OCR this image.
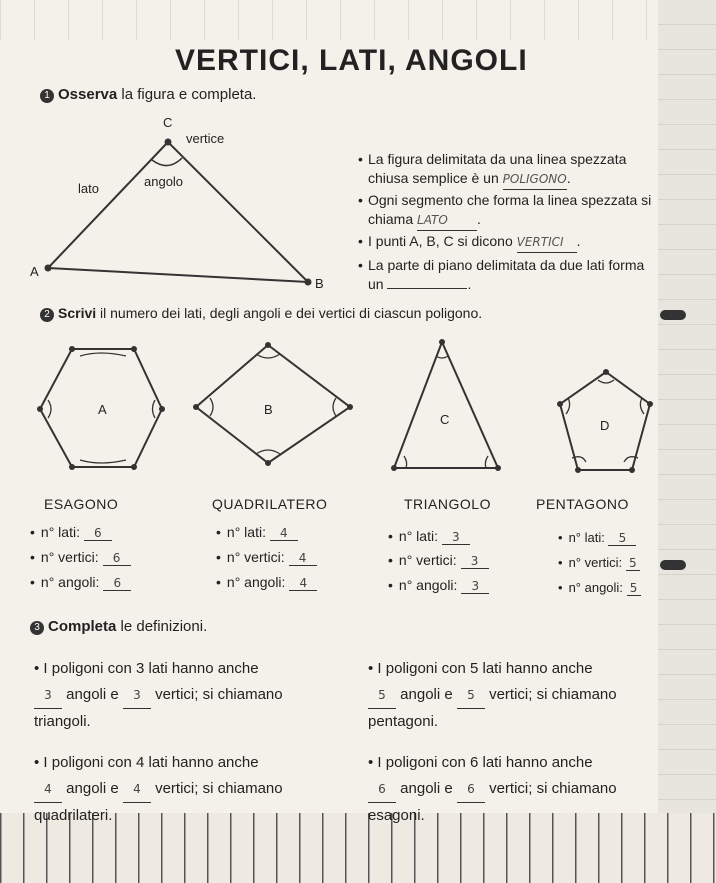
VERTICI, LATI, ANGOLI
1 Osserva la figura e completa.
C
vertice
angolo
lato
A
B
• La figura delimitata da una linea spezzata chiusa semplice è un POLIGONO.
• Ogni segmento che forma la linea spezzata si chiama LATO .
• I punti A, B, C si dicono VERTICI .
• La parte di piano delimitata da due lati forma un	.
2 Scrivi il numero dei lati, degli angoli e dei vertici di ciascun poligono.
A	B
C	D
ESAGONO	QUADRILATERO	TRIANGOLO	PENTAGONO
• n° lati: 6
• n° vertici: 6
• n° angoli: 6
• n° lati: 4
• n° vertici: 4
• n° angoli: 4
• n° lati: 3
• n° vertici: 3
• n° angoli: 3
• n° lati: 5
• n° vertici: 5
• n° angoli: 5
3 Completa le definizioni.
• I poligoni con 3 lati hanno anche
3 angoli e 3 vertici; si chiamano
triangoli.
• I poligoni con 5 lati hanno anche
5 angoli e 5 vertici; si chiamano
pentagoni.
• I poligoni con 4 lati hanno anche
4 angoli e 4 vertici; si chiamano
quadrilateri.
• I poligoni con 6 lati hanno anche
6 angoli e 6 vertici; si chiamano
esagoni.
